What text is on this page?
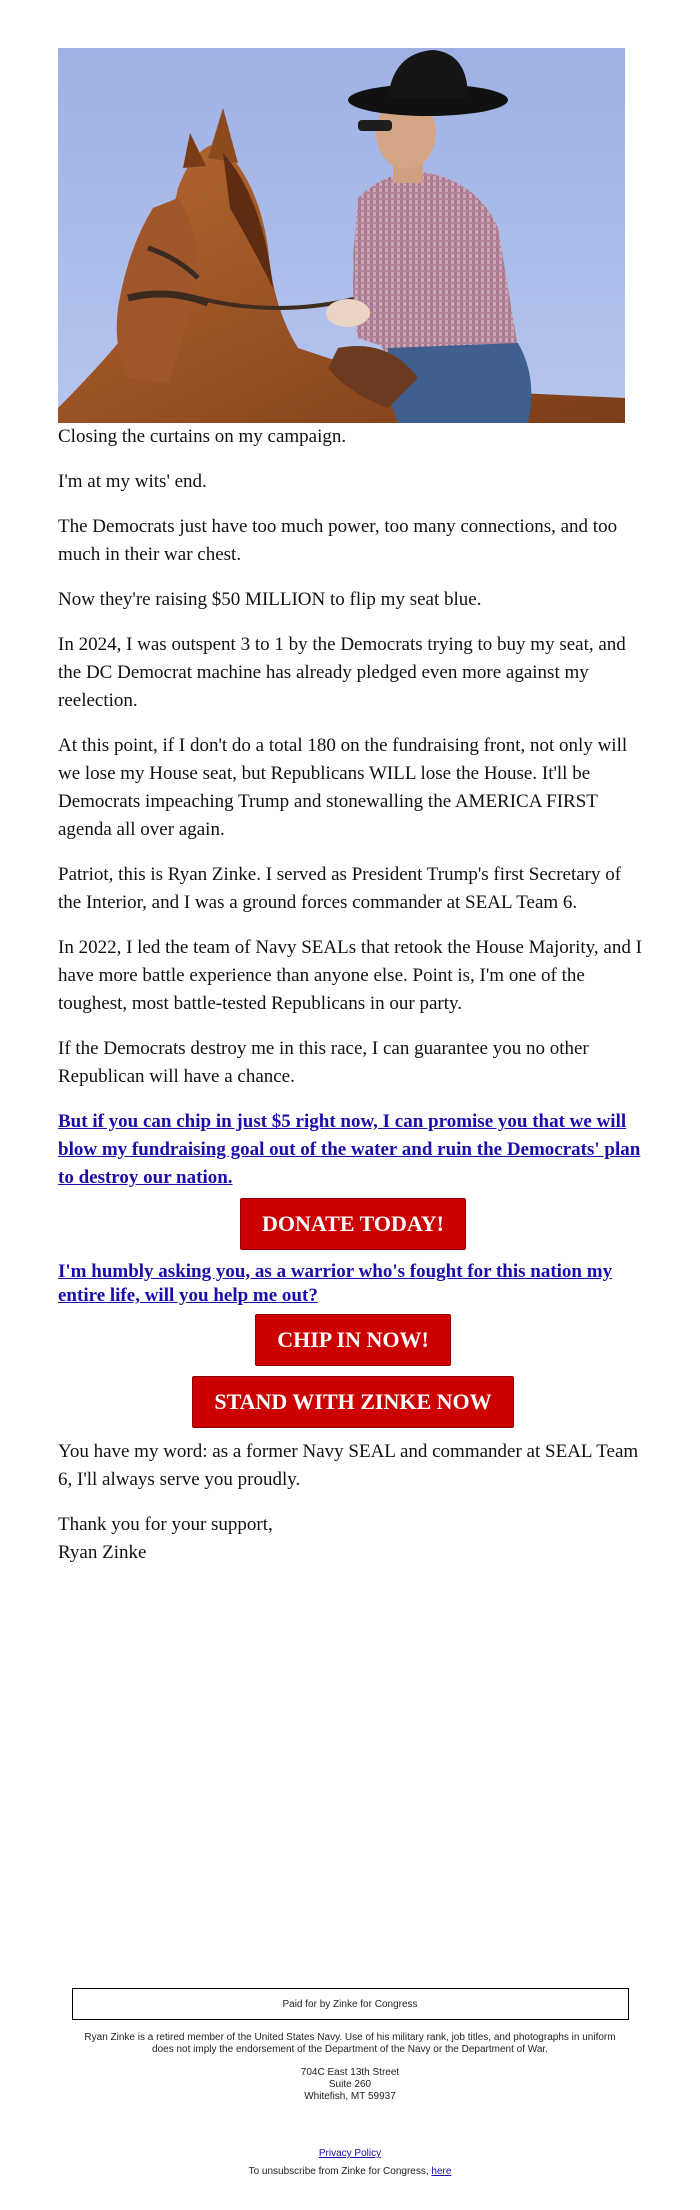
Closing the curtains on my campaign.

I'm at my wits' end.

The Democrats just have too much power, too many connections, and too much in their war chest.

Now they're raising $50 MILLION to flip my seat blue.

In 2024, I was outspent 3 to 1 by the Democrats trying to buy my seat, and the DC Democrat machine has already pledged even more against my reelection.

At this point, if I don't do a total 180 on the fundraising front, not only will we lose my House seat, but Republicans WILL lose the House. It'll be Democrats impeaching Trump and stonewalling the AMERICA FIRST agenda all over again.

Patriot, this is Ryan Zinke. I served as President Trump's first Secretary of the Interior, and I was a ground forces commander at SEAL Team 6.

In 2022, I led the team of Navy SEALs that retook the House Majority, and I have more battle experience than anyone else. Point is, I'm one of the toughest, most battle-tested Republicans in our party.

If the Democrats destroy me in this race, I can guarantee you no other Republican will have a chance.

But if you can chip in just $5 right now, I can promise you that we will blow my fundraising goal out of the water and ruin the Democrats' plan to destroy our nation.

DONATE TODAY!

I'm humbly asking you, as a warrior who's fought for this nation my entire life, will you help me out?

CHIP IN NOW!
STAND WITH ZINKE NOW

You have my word: as a former Navy SEAL and commander at SEAL Team 6, I'll always serve you proudly.

Thank you for your support,
Ryan Zinke

Paid for by Zinke for Congress
Ryan Zinke is a retired member of the United States Navy. Use of his military rank, job titles, and photographs in uniform does not imply the endorsement of the Department of the Navy or the Department of War.
704C East 13th Street
Suite 260
Whitefish, MT 59937
Privacy Policy
To unsubscribe from Zinke for Congress, here
